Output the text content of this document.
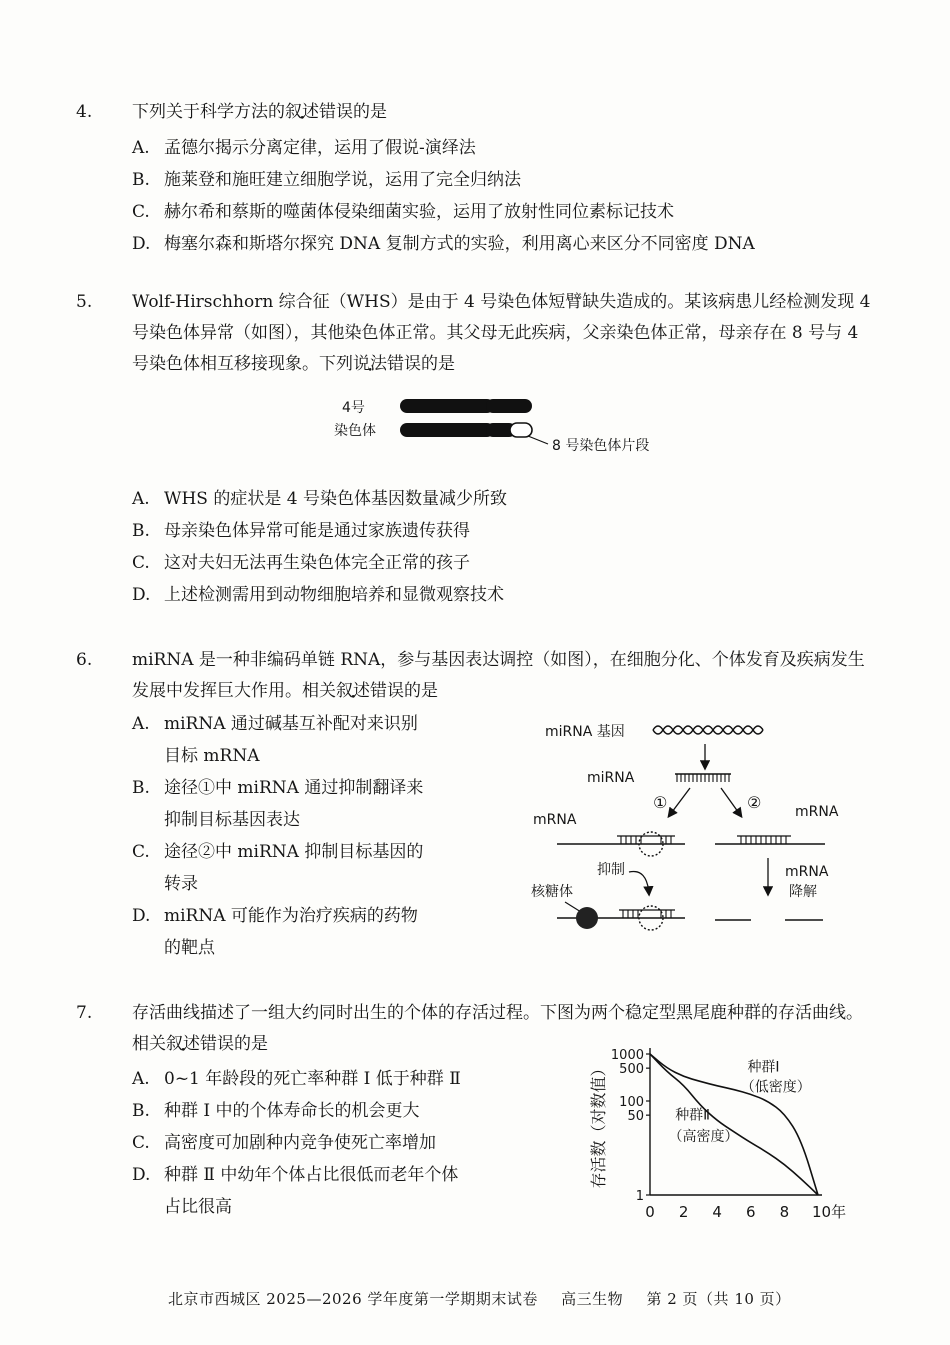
4. 下列关于科学方法的叙述错误的是

A. 孟德尔揭示分离定律，运用了假说-演绎法
B. 施莱登和施旺建立细胞学说，运用了完全归纳法
C. 赫尔希和蔡斯的噬菌体侵染细菌实验，运用了放射性同位素标记技术
D. 梅塞尔森和斯塔尔探究 DNA 复制方式的实验，利用离心来区分不同密度 DNA

5. Wolf-Hirschhorn 综合征（WHS）是由于 4 号染色体短臂缺失造成的。某该病患儿经检测发现 4 号染色体异常（如图），其他染色体正常。其父母无此疾病，父亲染色体正常，母亲存在 8 号与 4 号染色体相互移接现象。下列说法错误的是

4号
染色体
8 号染色体片段
A. WHS 的症状是 4 号染色体基因数量减少所致
B. 母亲染色体异常可能是通过家族遗传获得
C. 这对夫妇无法再生染色体完全正常的孩子
D. 上述检测需用到动物细胞培养和显微观察技术

6. miRNA 是一种非编码单链 RNA，参与基因表达调控（如图），在细胞分化、个体发育及疾病发生发展中发挥巨大作用。相关叙述错误的是

A. miRNA 通过碱基互补配对来识别
目标 mRNA
B. 途径①中 miRNA 通过抑制翻译来
抑制目标基因表达
C. 途径②中 miRNA 抑制目标基因的
转录
D. miRNA 可能作为治疗疾病的药物
的靶点
miRNA 基因
miRNA
①	②
mRNA	mRNA
mRNA
降解
抑制
核糖体

7. 存活曲线描述了一组大约同时出生的个体的存活过程。下图为两个稳定型黑尾鹿种群的存活曲线。相关叙述错误的是

A. 0~1 年龄段的死亡率种群 Ⅰ 低于种群 Ⅱ
B. 种群 Ⅰ 中的个体寿命长的机会更大
C. 高密度可加剧种内竞争使死亡率增加
D. 种群 Ⅱ 中幼年个体占比很低而老年个体
占比很高
1000
500
100
50
1
0 2 4 6 8 10年
存活数（对数值）	种群Ⅰ
（低密度）
种群Ⅱ
（高密度）
北京市西城区 2025—2026 学年度第一学期期末试卷 高三生物 第 2 页（共 10 页）
